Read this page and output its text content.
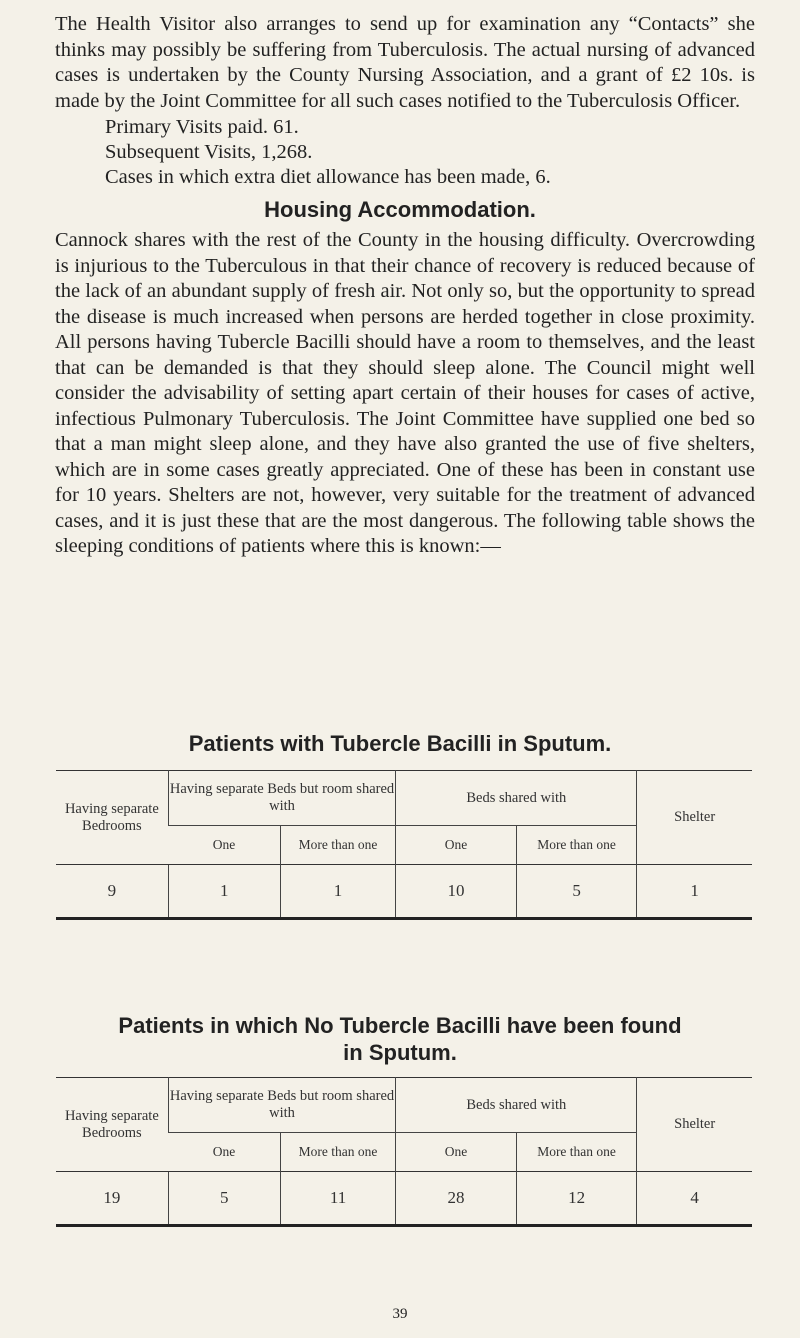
The Health Visitor also arranges to send up for examination any “Contacts” she thinks may possibly be suffering from Tuberculosis. The actual nursing of advanced cases is undertaken by the County Nursing Association, and a grant of £2 10s. is made by the Joint Committee for all such cases notified to the Tuberculosis Officer.

Primary Visits paid. 61.

Subsequent Visits, 1,268.

Cases in which extra diet allowance has been made, 6.

Housing Accommodation.

Cannock shares with the rest of the County in the housing difficulty. Overcrowding is injurious to the Tuberculous in that their chance of recovery is reduced because of the lack of an abundant supply of fresh air. Not only so, but the opportunity to spread the disease is much increased when persons are herded together in close proximity. All persons having Tubercle Bacilli should have a room to themselves, and the least that can be demanded is that they should sleep alone. The Council might well consider the advisability of setting apart certain of their houses for cases of active, infectious Pulmonary Tuberculosis. The Joint Committee have supplied one bed so that a man might sleep alone, and they have also granted the use of five shelters, which are in some cases greatly appreciated. One of these has been in constant use for 10 years. Shelters are not, however, very suitable for the treatment of advanced cases, and it is just these that are the most dangerous. The following table shows the sleeping conditions of patients where this is known:—

Patients with Tubercle Bacilli in Sputum.
Having separate Bedrooms	Having separate Beds but room shared with		Beds shared with		Shelter
	One	More than one	One	More than one	
9	1	1	10	5	1
Patients in which No Tubercle Bacilli have been found
in Sputum.
Having separate Bedrooms	Having separate Beds but room shared with		Beds shared with		Shelter
	One	More than one	One	More than one	
19	5	11	28	12	4

39
